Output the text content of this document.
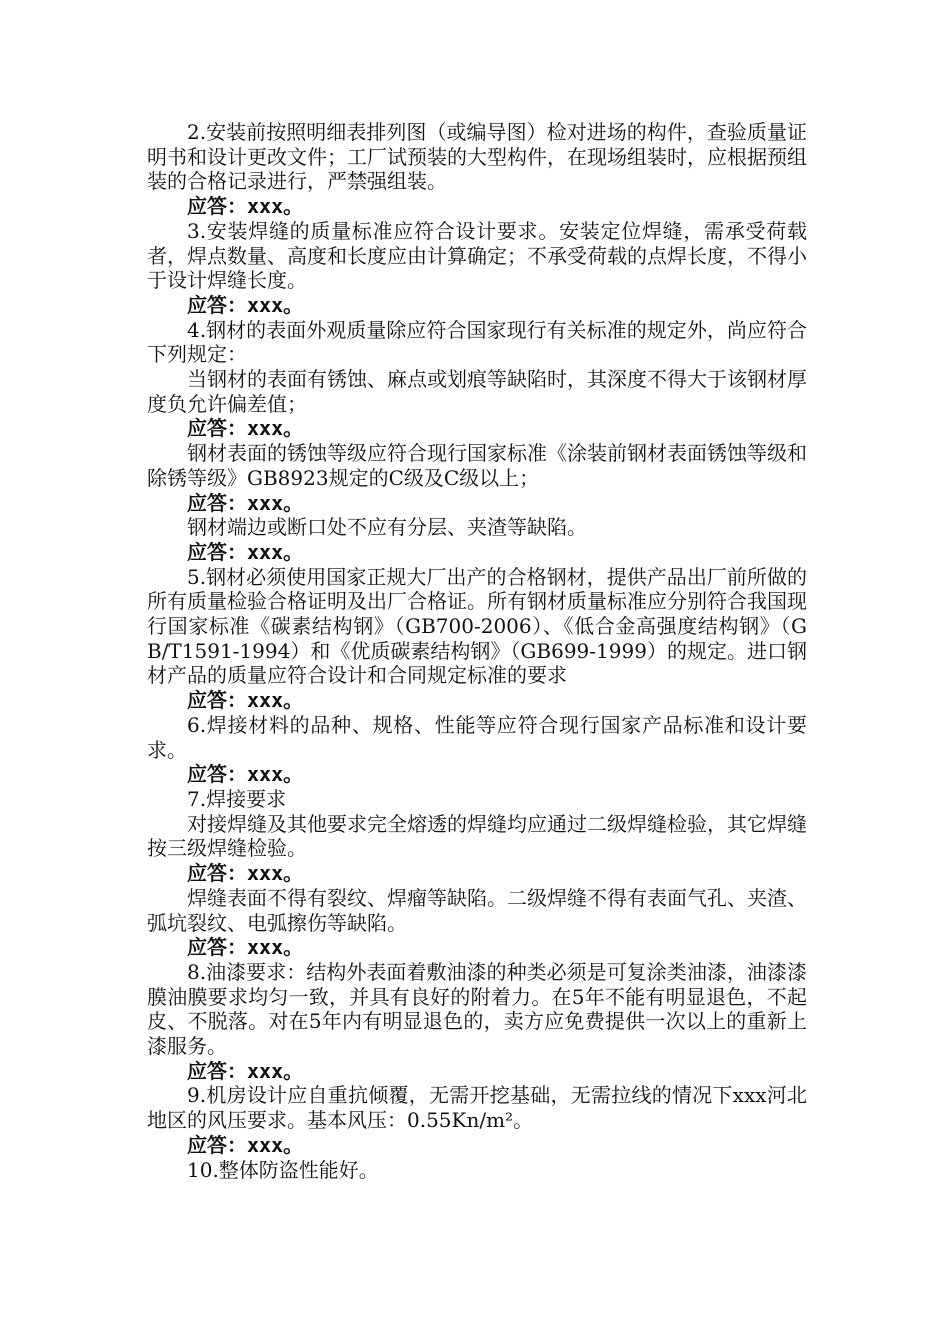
2.安装前按照明细表排列图（或编导图）检对进场的构件，查验质量证明书和设计更改文件；工厂试预装的大型构件，在现场组装时，应根据预组装的合格记录进行，严禁强组装。

应答：xxx。

3.安装焊缝的质量标准应符合设计要求。安装定位焊缝，需承受荷载者，焊点数量、高度和长度应由计算确定；不承受荷载的点焊长度，不得小于设计焊缝长度。

应答：xxx。

4.钢材的表面外观质量除应符合国家现行有关标准的规定外，尚应符合下列规定：

当钢材的表面有锈蚀、麻点或划痕等缺陷时，其深度不得大于该钢材厚度负允许偏差值；

应答：xxx。

钢材表面的锈蚀等级应符合现行国家标准《涂装前钢材表面锈蚀等级和除锈等级》GB8923规定的C级及C级以上；

应答：xxx。

钢材端边或断口处不应有分层、夹渣等缺陷。

应答：xxx。

5.钢材必须使用国家正规大厂出产的合格钢材，提供产品出厂前所做的所有质量检验合格证明及出厂合格证。所有钢材质量标准应分别符合我国现行国家标准《碳素结构钢》（GB700-2006）、《低合金高强度结构钢》（GB/T1591-1994）和《优质碳素结构钢》（GB699-1999）的规定。进口钢材产品的质量应符合设计和合同规定标准的要求

应答：xxx。

6.焊接材料的品种、规格、性能等应符合现行国家产品标准和设计要求。

应答：xxx。

7.焊接要求

对接焊缝及其他要求完全熔透的焊缝均应通过二级焊缝检验，其它焊缝按三级焊缝检验。

应答：xxx。

焊缝表面不得有裂纹、焊瘤等缺陷。二级焊缝不得有表面气孔、夹渣、弧坑裂纹、电弧擦伤等缺陷。

应答：xxx。

8.油漆要求：结构外表面着敷油漆的种类必须是可复涂类油漆，油漆漆膜油膜要求均匀一致，并具有良好的附着力。在5年不能有明显退色，不起皮、不脱落。对在5年内有明显退色的，卖方应免费提供一次以上的重新上漆服务。

应答：xxx。

9.机房设计应自重抗倾覆，无需开挖基础，无需拉线的情况下xxx河北地区的风压要求。基本风压：0.55Kn/m²。

应答：xxx。

10.整体防盗性能好。
